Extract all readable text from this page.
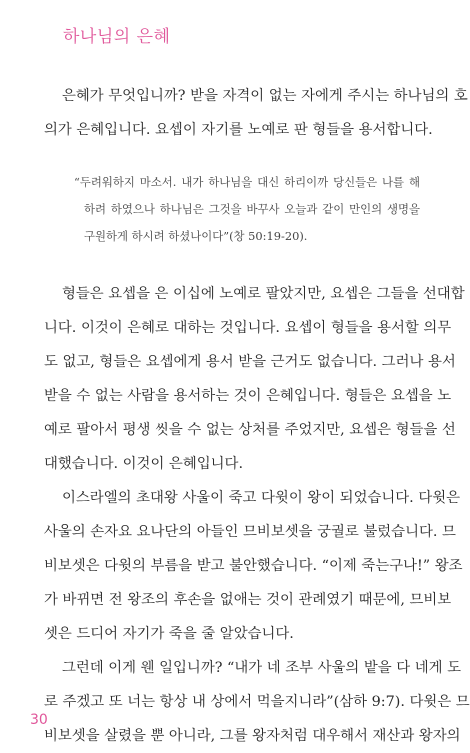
하나님의 은혜
은혜가 무엇입니까? 받을 자격이 없는 자에게 주시는 하나님의 호
의가 은혜입니다. 요셉이 자기를 노예로 판 형들을 용서합니다.
“두려워하지 마소서. 내가 하나님을 대신 하리이까 당신들은 나를 해
하려 하였으나 하나님은 그것을 바꾸사 오늘과 같이 만인의 생명을
구원하게 하시려 하셨나이다”(창 50:19-20).
형들은 요셉을 은 이십에 노예로 팔았지만, 요셉은 그들을 선대합
니다. 이것이 은혜로 대하는 것입니다. 요셉이 형들을 용서할 의무
도 없고, 형들은 요셉에게 용서 받을 근거도 없습니다. 그러나 용서
받을 수 없는 사람을 용서하는 것이 은혜입니다. 형들은 요셉을 노
예로 팔아서 평생 씻을 수 없는 상처를 주었지만, 요셉은 형들을 선
대했습니다. 이것이 은혜입니다.
이스라엘의 초대왕 사울이 죽고 다윗이 왕이 되었습니다. 다윗은
사울의 손자요 요나단의 아들인 므비보셋을 궁궐로 불렀습니다. 므
비보셋은 다윗의 부름을 받고 불안했습니다. “이제 죽는구나!” 왕조
가 바뀌면 전 왕조의 후손을 없애는 것이 관례였기 때문에, 므비보
셋은 드디어 자기가 죽을 줄 알았습니다.
그런데 이게 웬 일입니까? “내가 네 조부 사울의 밭을 다 네게 도
로 주겠고 또 너는 항상 내 상에서 먹을지니라”(삼하 9:7). 다윗은 므
비보셋을 살렸을 뿐 아니라, 그를 왕자처럼 대우해서 재산과 왕자의
30
